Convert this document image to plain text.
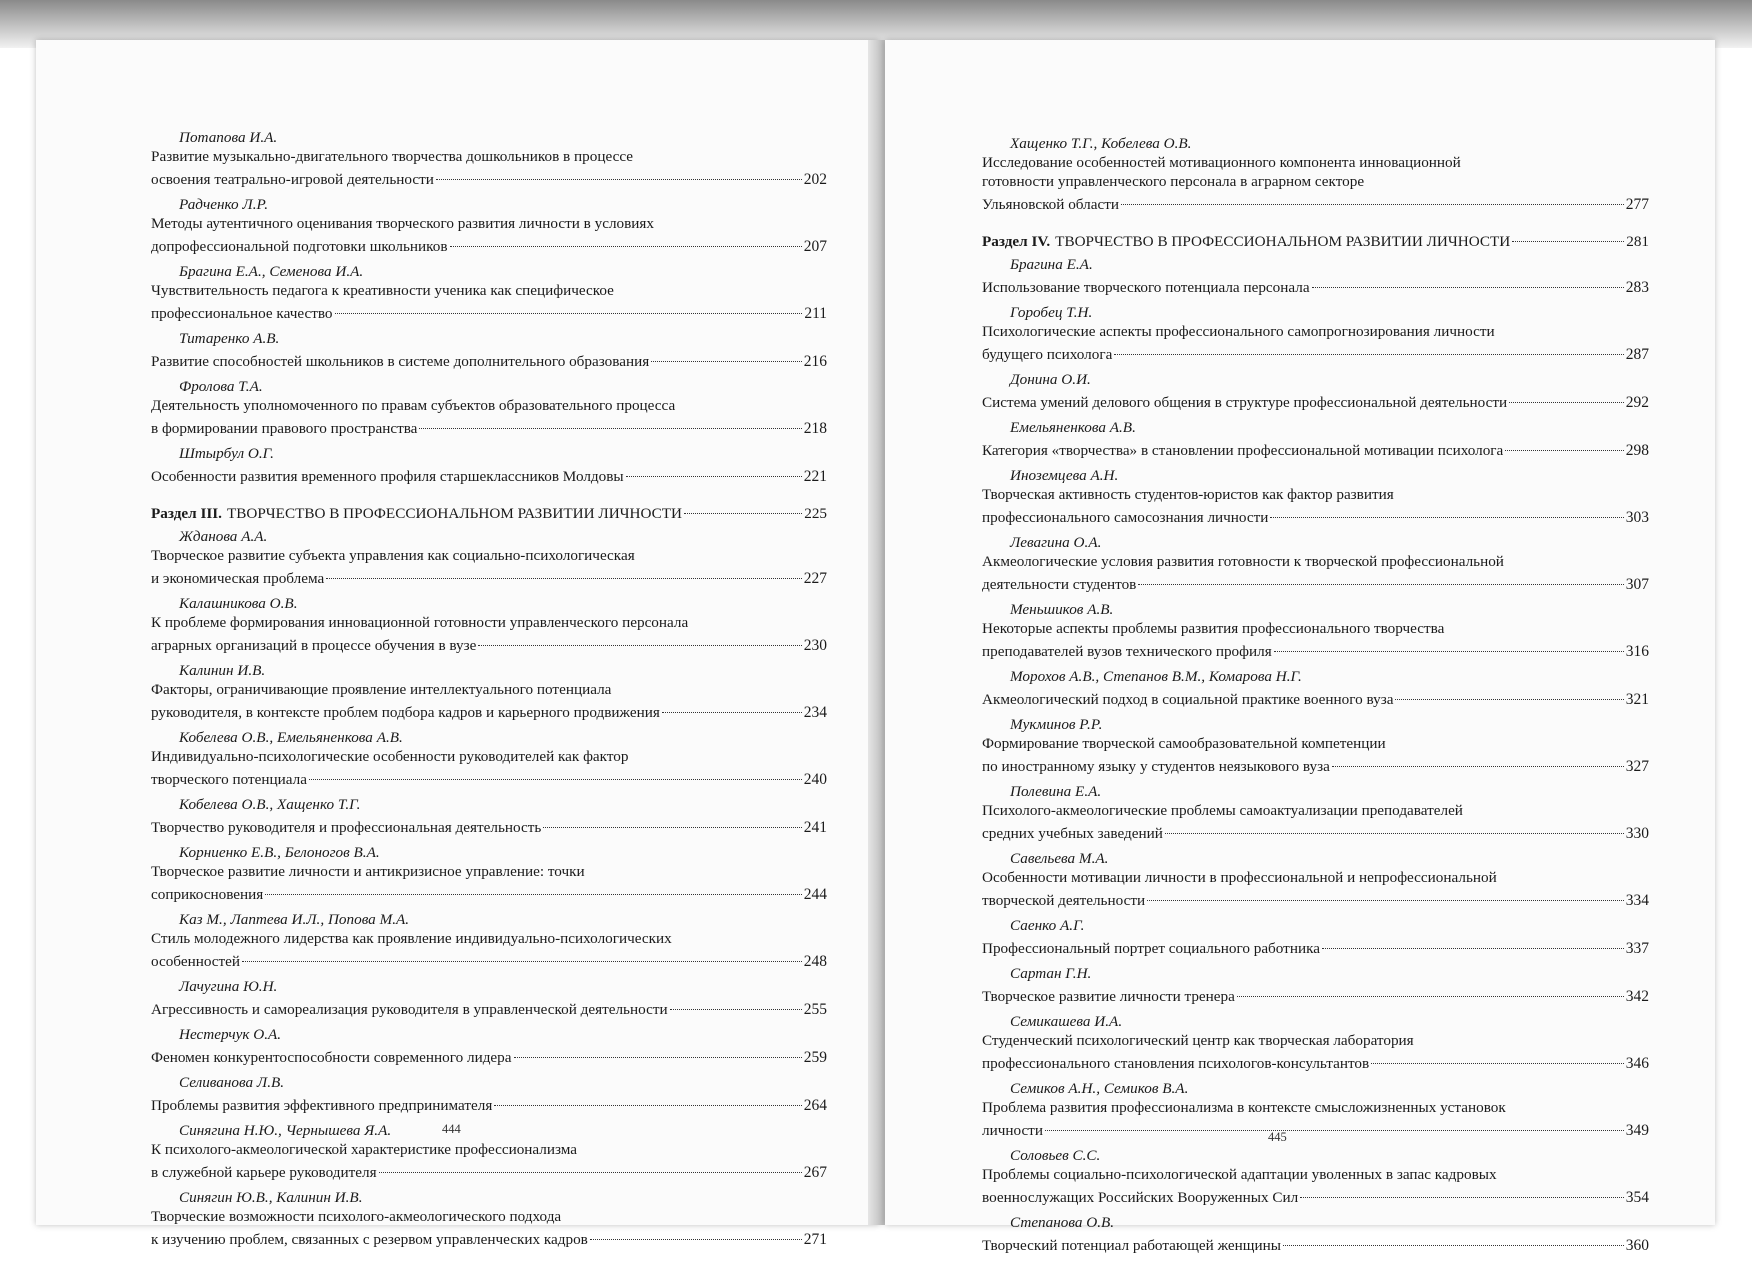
Потапова И.А.
Развитие музыкально-двигательного творчества дошкольников в процессе
освоения театрально-игровой деятельности	202
Радченко Л.Р.
Методы аутентичного оценивания творческого развития личности в условиях
допрофессиональной подготовки школьников	207
Брагина Е.А., Семенова И.А.
Чувствительность педагога к креативности ученика как специфическое
профессиональное качество	211
Титаренко А.В.
Развитие способностей школьников в системе дополнительного образования	216
Фролова Т.А.
Деятельность уполномоченного по правам субъектов образовательного процесса
в формировании правового пространства	218
Штырбул О.Г.
Особенности развития временного профиля старшеклассников Молдовы	221
Раздел III. ТВОРЧЕСТВО В ПРОФЕССИОНАЛЬНОМ РАЗВИТИИ ЛИЧНОСТИ	225
Жданова А.А.
Творческое развитие субъекта управления как социально-психологическая
и экономическая проблема	227
Калашникова О.В.
К проблеме формирования инновационной готовности управленческого персонала
аграрных организаций в процессе обучения в вузе	230
Калинин И.В.
Факторы, ограничивающие проявление интеллектуального потенциала
руководителя, в контексте проблем подбора кадров и карьерного продвижения	234
Кобелева О.В., Емельяненкова А.В.
Индивидуально-психологические особенности руководителей как фактор
творческого потенциала	240
Кобелева О.В., Хащенко Т.Г.
Творчество руководителя и профессиональная деятельность	241
Корниенко Е.В., Белоногов В.А.
Творческое развитие личности и антикризисное управление: точки
соприкосновения	244
Каз М., Лаптева И.Л., Попова М.А.
Стиль молодежного лидерства как проявление индивидуально-психологических
особенностей	248
Лачугина Ю.Н.
Агрессивность и самореализация руководителя в управленческой деятельности	255
Нестерчук О.А.
Феномен конкурентоспособности современного лидера	259
Селиванова Л.В.
Проблемы развития эффективного предпринимателя	264
Синягина Н.Ю., Чернышева Я.А.
К психолого-акмеологической характеристике профессионализма
в служебной карьере руководителя	267
Синягин Ю.В., Калинин И.В.
Творческие возможности психолого-акмеологического подхода
к изучению проблем, связанных с резервом управленческих кадров	271
444
Хащенко Т.Г., Кобелева О.В.
Исследование особенностей мотивационного компонента инновационной
готовности управленческого персонала в аграрном секторе
Ульяновской области	277
Раздел IV. ТВОРЧЕСТВО В ПРОФЕССИОНАЛЬНОМ РАЗВИТИИ ЛИЧНОСТИ	281
Брагина Е.А.
Использование творческого потенциала персонала	283
Горобец Т.Н.
Психологические аспекты профессионального самопрогнозирования личности
будущего психолога	287
Донина О.И.
Система умений делового общения в структуре профессиональной деятельности	292
Емельяненкова А.В.
Категория «творчества» в становлении профессиональной мотивации психолога	298
Иноземцева А.Н.
Творческая активность студентов-юристов как фактор развития
профессионального самосознания личности	303
Левагина О.А.
Акмеологические условия развития готовности к творческой профессиональной
деятельности студентов	307
Меньшиков А.В.
Некоторые аспекты проблемы развития профессионального творчества
преподавателей вузов технического профиля	316
Морохов А.В., Степанов В.М., Комарова Н.Г.
Акмеологический подход в социальной практике военного вуза	321
Мукминов Р.Р.
Формирование творческой самообразовательной компетенции
по иностранному языку у студентов неязыкового вуза	327
Полевина Е.А.
Психолого-акмеологические проблемы самоактуализации преподавателей
средних учебных заведений	330
Савельева М.А.
Особенности мотивации личности в профессиональной и непрофессиональной
творческой деятельности	334
Саенко А.Г.
Профессиональный портрет социального работника	337
Сартан Г.Н.
Творческое развитие личности тренера	342
Семикашева И.А.
Студенческий психологический центр как творческая лаборатория
профессионального становления психологов-консультантов	346
Семиков А.Н., Семиков В.А.
Проблема развития профессионализма в контексте смысложизненных установок
личности	349
Соловьев С.С.
Проблемы социально-психологической адаптации уволенных в запас кадровых
военнослужащих Российских Вооруженных Сил	354
Степанова О.В.
Творческий потенциал работающей женщины	360
445
